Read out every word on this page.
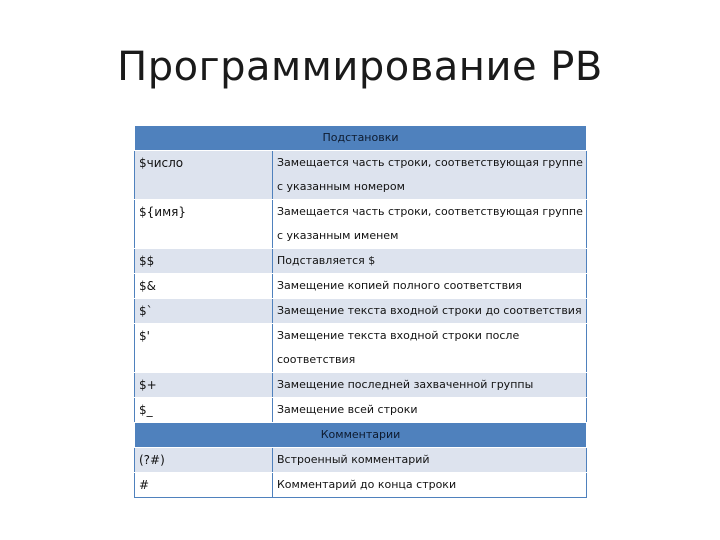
Программирование РВ
Подстановки	
$число	Замещается часть строки, соответствующая группе с указанным номером
${имя}	Замещается часть строки, соответствующая группе с указанным именем
$$	Подставляется $
$&	Замещение копией полного соответствия
$`	Замещение текста входной строки до соответствия
$'	Замещение текста входной строки после соответствия
$+	Замещение последней захваченной группы
$_	Замещение всей строки
Комментарии	
(?#)	Встроенный комментарий
#	Комментарий до конца строки
